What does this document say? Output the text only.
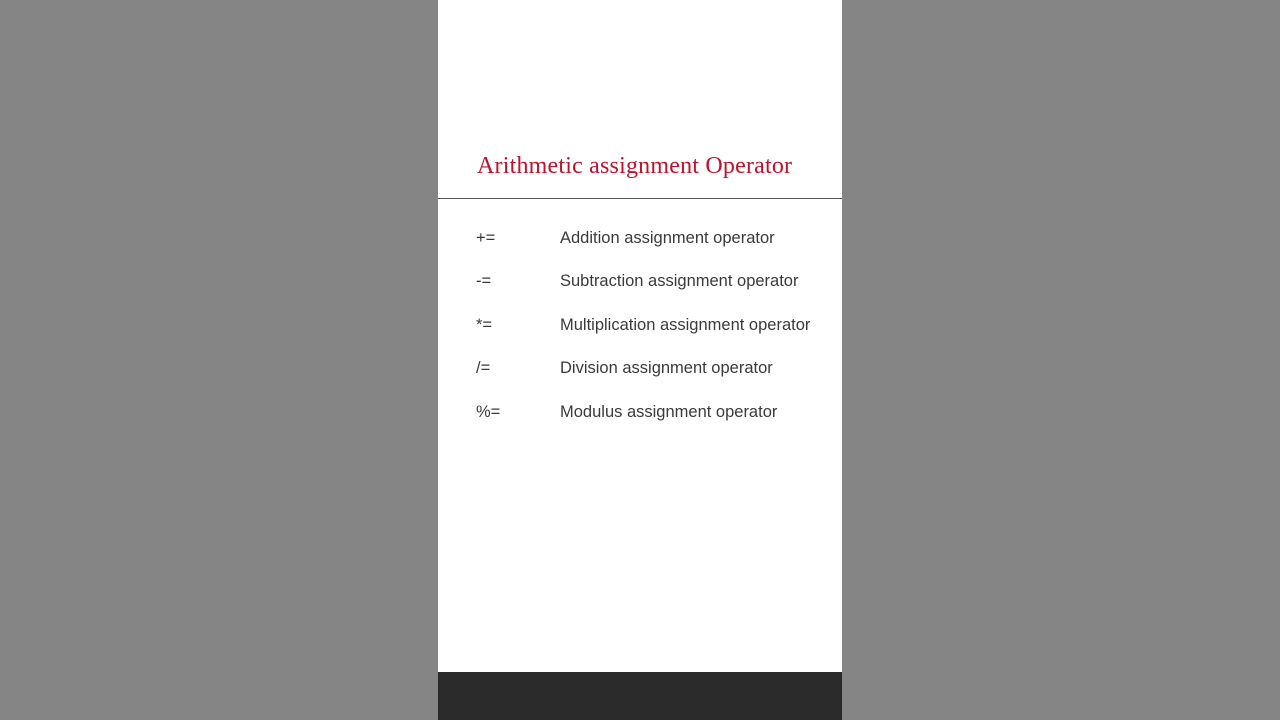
Arithmetic assignment Operator
+=	Addition assignment operator
-=	Subtraction assignment operator
*=	Multiplication assignment operator
/=	Division assignment operator
%=	Modulus assignment operator
